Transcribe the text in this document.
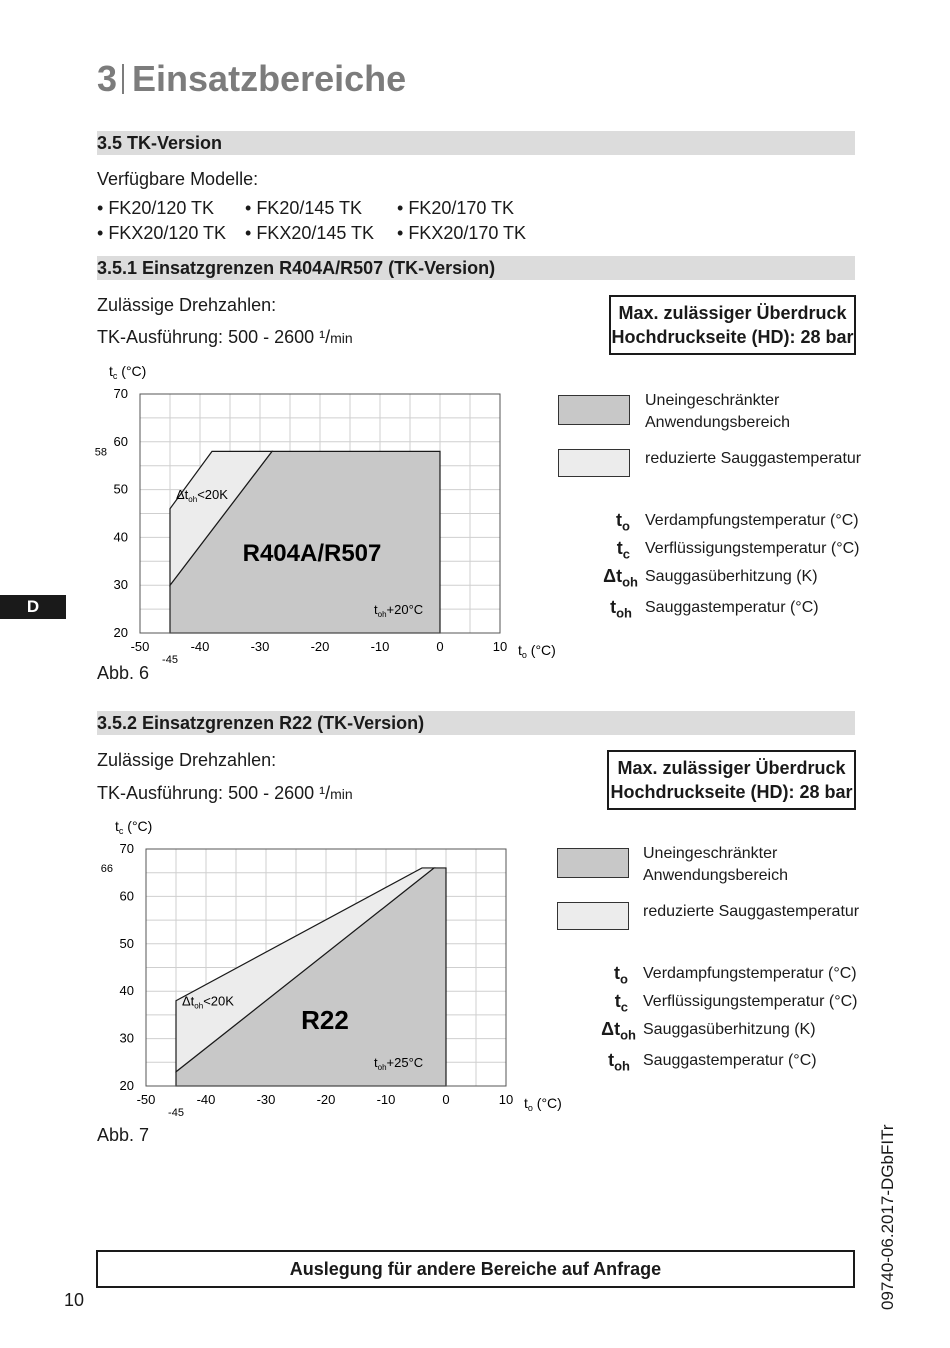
3 Einsatzbereiche
3.5 TK-Version
Verfügbare Modelle:
• FK20/120 TK	• FK20/145 TK	• FK20/170 TK
• FKX20/120 TK	• FKX20/145 TK	• FKX20/170 TK
3.5.1 Einsatzgrenzen R404A/R507 (TK-Version)
Zulässige Drehzahlen:
TK-Ausführung: 500 - 2600 ¹/min
Max. zulässiger Überdruck
Hochdruckseite (HD): 28 bar
-50	-40	-30	-20	-10	0	10
-45
20
30
40
50
60
70
58
$t_c$ (°C)
$t_o$ (°C)
R404A/R507
$\Delta t_{oh}<20K$
$t_{oh}+20^\circ C$
Abb. 6
Uneingeschränkter
Anwendungsbereich
reduzierte Sauggastemperatur
$t_o$ Verdampfungstemperatur (°C)
$t_c$ Verflüssigungstemperatur (°C)
$\Delta t_{oh}$ Sauggasüberhitzung (K)
$t_{oh}$ Sauggastemperatur (°C)
D
3.5.2 Einsatzgrenzen R22 (TK-Version)
Zulässige Drehzahlen:
TK-Ausführung: 500 - 2600 ¹/min
Max. zulässiger Überdruck
Hochdruckseite (HD): 28 bar
-50	-40	-30	-20	-10	0	10
-45
20
30
40
50
60
70
66
$t_c$ (°C)
$t_o$ (°C)
R22
$\Delta t_{oh}<20K$
$t_{oh}+25^\circ C$
Abb. 7
Uneingeschränkter
Anwendungsbereich
reduzierte Sauggastemperatur
$t_o$ Verdampfungstemperatur (°C)
$t_c$ Verflüssigungstemperatur (°C)
$\Delta t_{oh}$ Sauggasüberhitzung (K)
$t_{oh}$ Sauggastemperatur (°C)
Auslegung für andere Bereiche auf Anfrage
10	09740-06.2017-DGbFITr
